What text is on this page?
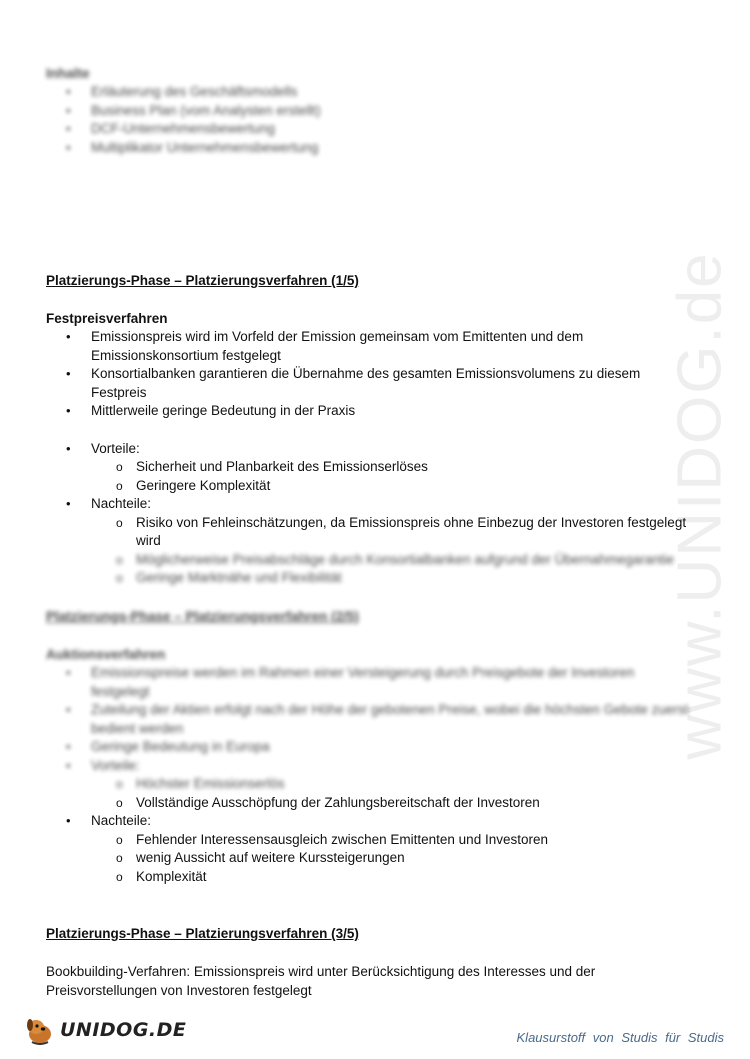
www.UNIDOG.de

Inhalte

• Erläuterung des Geschäftsmodells
• Business Plan (vom Analysten erstellt)
• DCF-Unternehmensbewertung
• Multiplikator Unternehmensbewertung

Platzierungs-Phase – Platzierungsverfahren (1/5)

Festpreisverfahren

• Emissionspreis wird im Vorfeld der Emission gemeinsam vom Emittenten und dem Emissionskonsortium festgelegt
• Konsortialbanken garantieren die Übernahme des gesamten Emissionsvolumens zu diesem Festpreis
• Mittlerweile geringe Bedeutung in der Praxis
• Vorteile:
o Sicherheit und Planbarkeit des Emissionserlöses
o Geringere Komplexität
• Nachteile:
o Risiko von Fehleinschätzungen, da Emissionspreis ohne Einbezug der Investoren festgelegt wird
o Möglicherweise Preisabschläge durch Konsortialbanken aufgrund der Übernahmegarantie
o Geringe Marktnähe und Flexibilität

Platzierungs-Phase – Platzierungsverfahren (2/5)

Auktionsverfahren

• Emissionspreise werden im Rahmen einer Versteigerung durch Preisgebote der Investoren festgelegt
• Zuteilung der Aktien erfolgt nach der Höhe der gebotenen Preise, wobei die höchsten Gebote zuerst bedient werden
• Geringe Bedeutung in Europa
• Vorteile:
o Höchster Emissionserlös
o Vollständige Ausschöpfung der Zahlungsbereitschaft der Investoren
• Nachteile:
o Fehlender Interessensausgleich zwischen Emittenten und Investoren
o wenig Aussicht auf weitere Kurssteigerungen
o Komplexität

Platzierungs-Phase – Platzierungsverfahren (3/5)

Bookbuilding-Verfahren: Emissionspreis wird unter Berücksichtigung des Interesses und der Preisvorstellungen von Investoren festgelegt

UNIDOG.DE	Klausurstoff von Studis für Studis
